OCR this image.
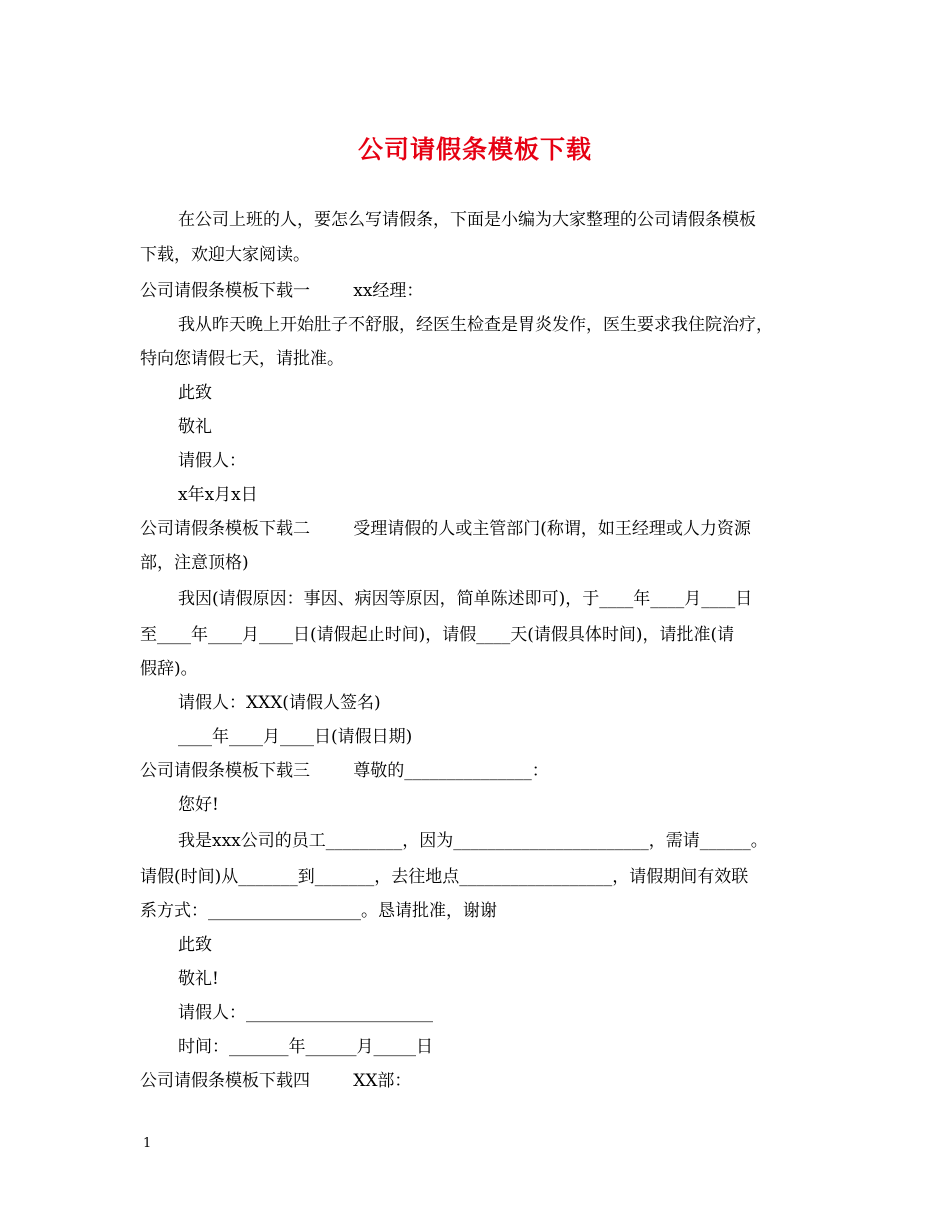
公司请假条模板下载
在公司上班的人，要怎么写请假条，下面是小编为大家整理的公司请假条模板
下载，欢迎大家阅读。
公司请假条模板下载一        xx经理：
我从昨天晚上开始肚子不舒服，经医生检查是胃炎发作，医生要求我住院治疗，
特向您请假七天，请批准。
此致
敬礼
请假人：
x年x月x日
公司请假条模板下载二        受理请假的人或主管部门(称谓，如王经理或人力资源
部，注意顶格)
我因(请假原因：事因、病因等原因，简单陈述即可)，于____年____月____日
至____年____月____日(请假起止时间)，请假____天(请假具体时间)，请批准(请
假辞)。
请假人：XXX(请假人签名)
____年____月____日(请假日期)
公司请假条模板下载三        尊敬的_______________：
您好!
我是xxx公司的员工_________，因为_______________________，需请______。
请假(时间)从_______到_______，去往地点__________________，请假期间有效联
系方式：__________________。恳请批准，谢谢
此致
敬礼!
请假人：______________________
时间：_______年______月_____日
公司请假条模板下载四        XX部：
1
